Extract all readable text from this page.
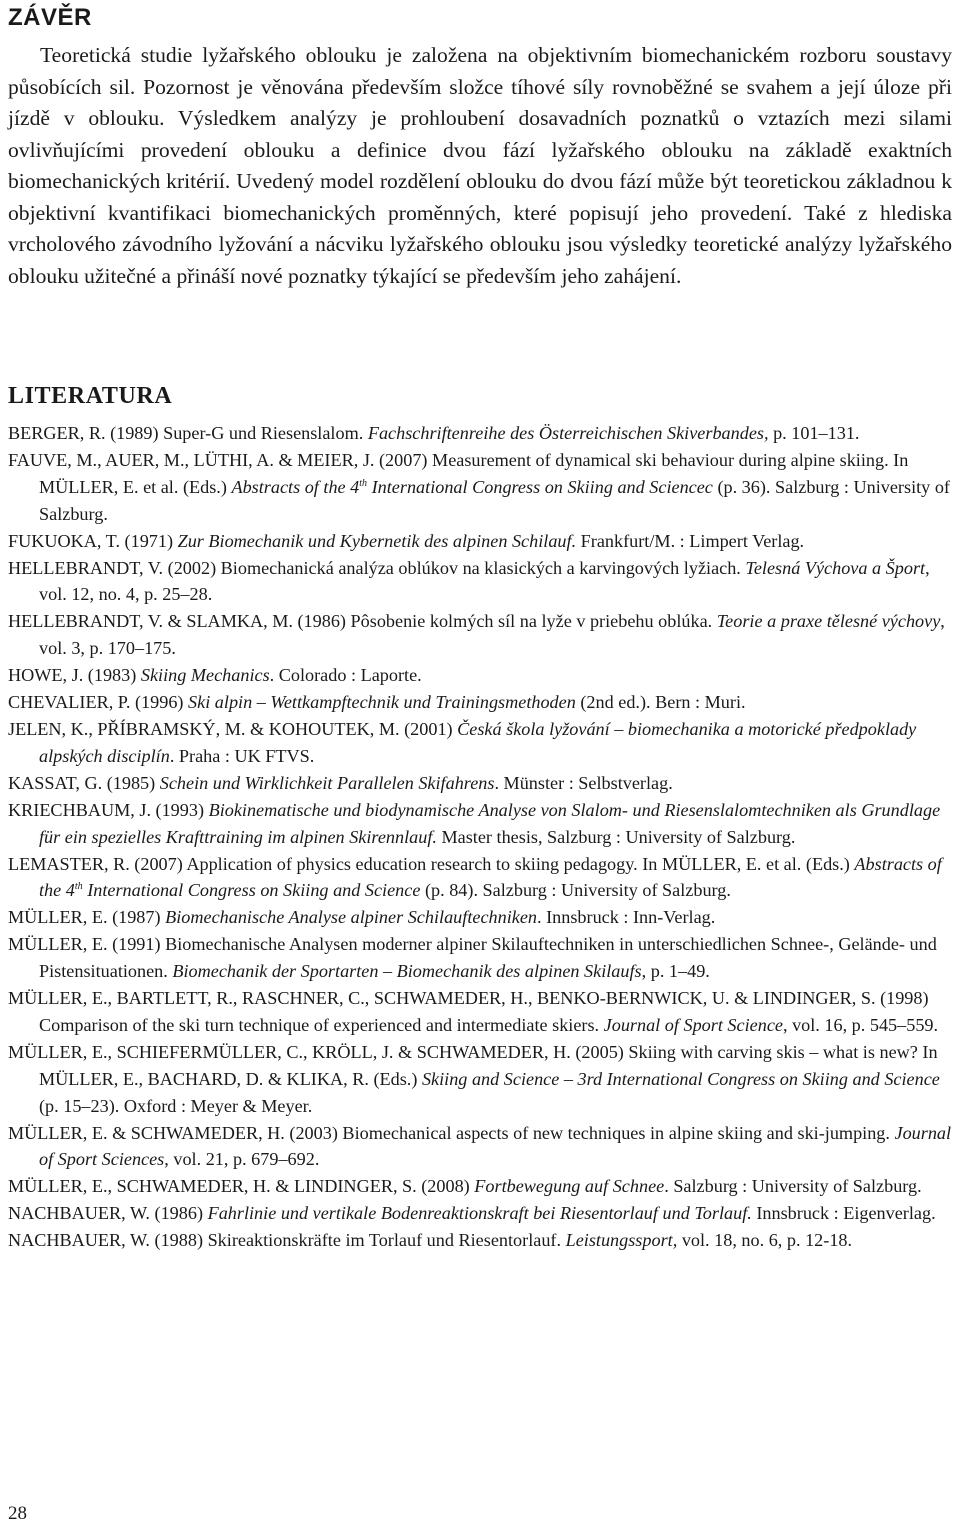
ZÁVĚR

Teoretická studie lyžařského oblouku je založena na objektivním biomechanickém rozboru soustavy působících sil. Pozornost je věnována především složce tíhové síly rovnoběžné se svahem a její úloze při jízdě v oblouku. Výsledkem analýzy je prohloubení dosavadních poznatků o vztazích mezi silami ovlivňujícími provedení oblouku a definice dvou fází lyžařského oblouku na základě exaktních biomechanických kritérií. Uvedený model rozdělení oblouku do dvou fází může být teoretickou základnou k objektivní kvantifikaci biomechanických proměnných, které popisují jeho provedení. Také z hlediska vrcholového závodního lyžování a nácviku lyžařského oblouku jsou výsledky teoretické analýzy lyžařského oblouku užitečné a přináší nové poznatky týkající se především jeho zahájení.

LITERATURA

BERGER, R. (1989) Super-G und Riesenslalom. Fachschriftenreihe des Österreichischen Skiverbandes, p. 101–131.

FAUVE, M., AUER, M., LÜTHI, A. & MEIER, J. (2007) Measurement of dynamical ski behaviour during alpine skiing. In MÜLLER, E. et al. (Eds.) Abstracts of the 4th International Congress on Skiing and Sciencec (p. 36). Salzburg : University of Salzburg.

FUKUOKA, T. (1971) Zur Biomechanik und Kybernetik des alpinen Schilauf. Frankfurt/M. : Limpert Verlag.

HELLEBRANDT, V. (2002) Biomechanická analýza oblúkov na klasických a karvingových lyžiach. Telesná Výchova a Šport, vol. 12, no. 4, p. 25–28.

HELLEBRANDT, V. & SLAMKA, M. (1986) Pôsobenie kolmých síl na lyže v priebehu oblúka. Teorie a praxe tělesné výchovy, vol. 3, p. 170–175.

HOWE, J. (1983) Skiing Mechanics. Colorado : Laporte.

CHEVALIER, P. (1996) Ski alpin – Wettkampftechnik und Trainingsmethoden (2nd ed.). Bern : Muri.

JELEN, K., PŘÍBRAMSKÝ, M. & KOHOUTEK, M. (2001) Česká škola lyžování – biomechanika a motorické předpoklady alpských disciplín. Praha : UK FTVS.

KASSAT, G. (1985) Schein und Wirklichkeit Parallelen Skifahrens. Münster : Selbstverlag.

KRIECHBAUM, J. (1993) Biokinematische und biodynamische Analyse von Slalom- und Riesenslalomtechniken als Grundlage für ein spezielles Krafttraining im alpinen Skirennlauf. Master thesis, Salzburg : University of Salzburg.

LEMASTER, R. (2007) Application of physics education research to skiing pedagogy. In MÜLLER, E. et al. (Eds.) Abstracts of the 4th International Congress on Skiing and Science (p. 84). Salzburg : University of Salzburg.

MÜLLER, E. (1987) Biomechanische Analyse alpiner Schilauftechniken. Innsbruck : Inn-Verlag.

MÜLLER, E. (1991) Biomechanische Analysen moderner alpiner Skilauftechniken in unterschiedlichen Schnee-, Gelände- und Pistensituationen. Biomechanik der Sportarten – Biomechanik des alpinen Skilaufs, p. 1–49.

MÜLLER, E., BARTLETT, R., RASCHNER, C., SCHWAMEDER, H., BENKO-BERNWICK, U. & LINDINGER, S. (1998) Comparison of the ski turn technique of experienced and intermediate skiers. Journal of Sport Science, vol. 16, p. 545–559.

MÜLLER, E., SCHIEFERMÜLLER, C., KRÖLL, J. & SCHWAMEDER, H. (2005) Skiing with carving skis – what is new? In MÜLLER, E., BACHARD, D. & KLIKA, R. (Eds.) Skiing and Science – 3rd International Congress on Skiing and Science (p. 15–23). Oxford : Meyer & Meyer.

MÜLLER, E. & SCHWAMEDER, H. (2003) Biomechanical aspects of new techniques in alpine skiing and ski-jumping. Journal of Sport Sciences, vol. 21, p. 679–692.

MÜLLER, E., SCHWAMEDER, H. & LINDINGER, S. (2008) Fortbewegung auf Schnee. Salzburg : University of Salzburg.

NACHBAUER, W. (1986) Fahrlinie und vertikale Bodenreaktionskraft bei Riesentorlauf und Torlauf. Innsbruck : Eigenverlag.

NACHBAUER, W. (1988) Skireaktionskräfte im Torlauf und Riesentorlauf. Leistungssport, vol. 18, no. 6, p. 12-18.

28
